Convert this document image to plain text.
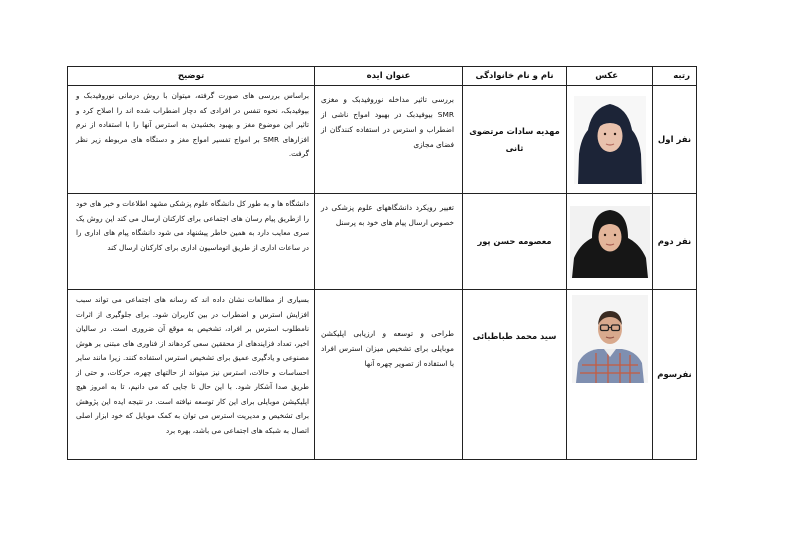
رتبه	عکس	نام و نام خانوادگی	عنوان ایده	توضیح
نفر اول		مهدیه سادات مرتضوی ثانی	بررسی تاثیر مداخله نوروفیدبک و مغزی SMR بیوفیدبک در بهبود امواج ناشی از اضطراب و استرس در استفاده کنندگان از فضای مجازی	براساس بررسی های صورت گرفته، میتوان با روش درمانی نوروفیدبک و بیوفیدبک، نحوه تنفس در افرادی که دچار اضطراب شده اند را اصلاح کرد و تاثیر این موضوع مغز و بهبود بخشیدن به استرس آنها را با استفاده از نرم افزارهای SMR بر امواج تفسیر امواج مغز و دستگاه های مربوطه زیر نظر گرفت.
نفر دوم		معصومه حسن پور	تغییر رویکرد دانشگاههای علوم پزشکی در خصوص ارسال پیام های خود به پرسنل	دانشگاه ها و به طور کل دانشگاه علوم پزشکی مشهد اطلاعات و خبر های خود را ازطریق پیام رسان های اجتماعی برای کارکنان ارسال می کند این روش یک سری معایب دارد به همین خاطر پیشنهاد می شود دانشگاه پیام های اداری را در ساعات اداری از طریق اتوماسیون اداری برای کارکنان ارسال کند
نفرسوم		سید محمد طباطبائی	طراحی و توسعه و ارزیابی اپلیکشن موبایلی برای تشخیص میزان استرس افراد با استفاده از تصویر چهره آنها	بسیاری از مطالعات نشان داده اند که رسانه های اجتماعی می تواند سبب افزایش استرس و اضطراب در بین کاربران شود. برای جلوگیری از اثرات نامطلوب استرس بر افراد، تشخیص به موقع آن ضروری است. در سالیان اخیر، تعداد فزایندهای از محققین سعی کردهاند از فناوری های مبتنی بر هوش مصنوعی و یادگیری عمیق برای تشخیص استرس استفاده کنند. زیرا مانند سایر احساسات و حالات، استرس نیز میتواند از حالتهای چهره، حرکات، و حتی از طریق صدا آشکار شود. با این حال تا جایی که می دانیم، تا به امروز هیچ اپلیکیشن موبایلی برای این کار توسعه نیافته است. در نتیجه ایده این پژوهش برای تشخیص و مدیریت استرس می توان به کمک موبایل که خود ابزار اصلی اتصال به شبکه های اجتماعی می باشد، بهره برد
